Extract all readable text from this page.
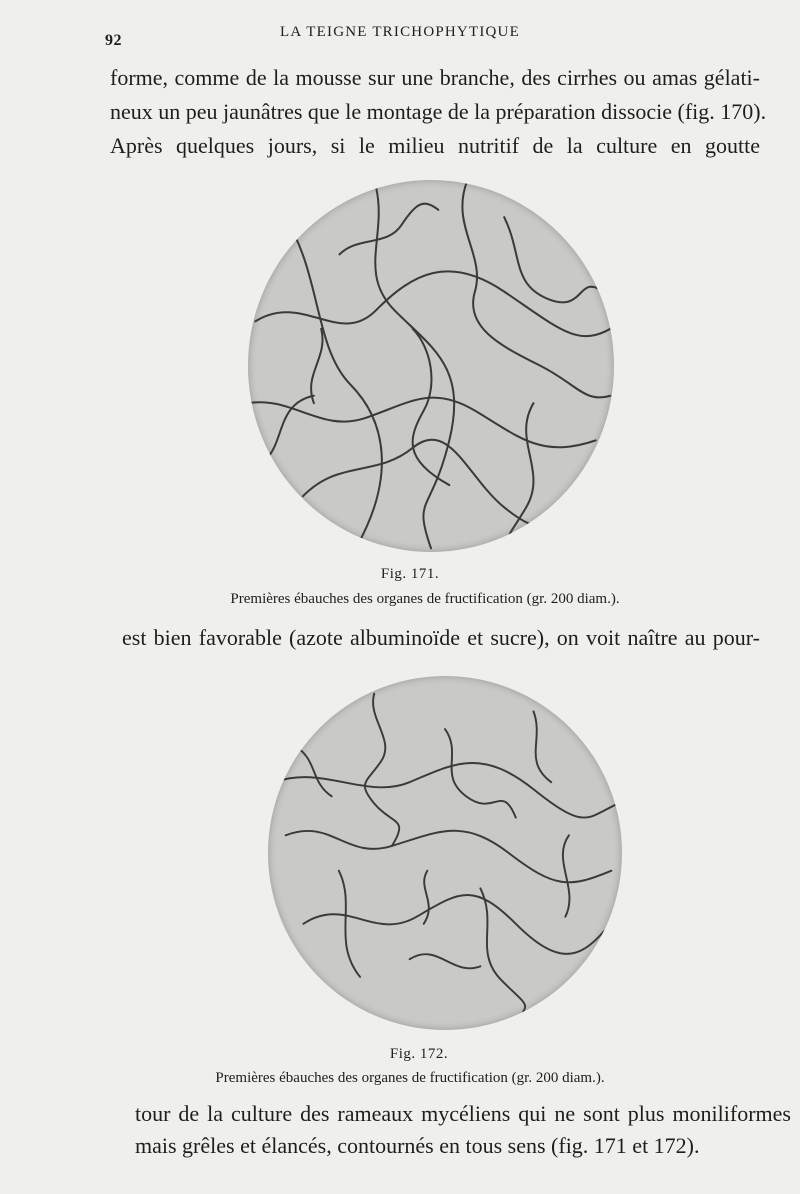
92	LA TEIGNE TRICHOPHYTIQUE
forme, comme de la mousse sur une branche, des cirrhes ou amas gélati-
neux un peu jaunâtres que le montage de la préparation dissocie (fig. 170).
Après quelques jours, si le milieu nutritif de la culture en goutte
Fig. 171.
Premières ébauches des organes de fructification (gr. 200 diam.).
est bien favorable (azote albuminoïde et sucre), on voit naître au pour-
Fig. 172.
Premières ébauches des organes de fructification (gr. 200 diam.).
tour de la culture des rameaux mycéliens qui ne sont plus moniliformes
mais grêles et élancés, contournés en tous sens (fig. 171 et 172).
